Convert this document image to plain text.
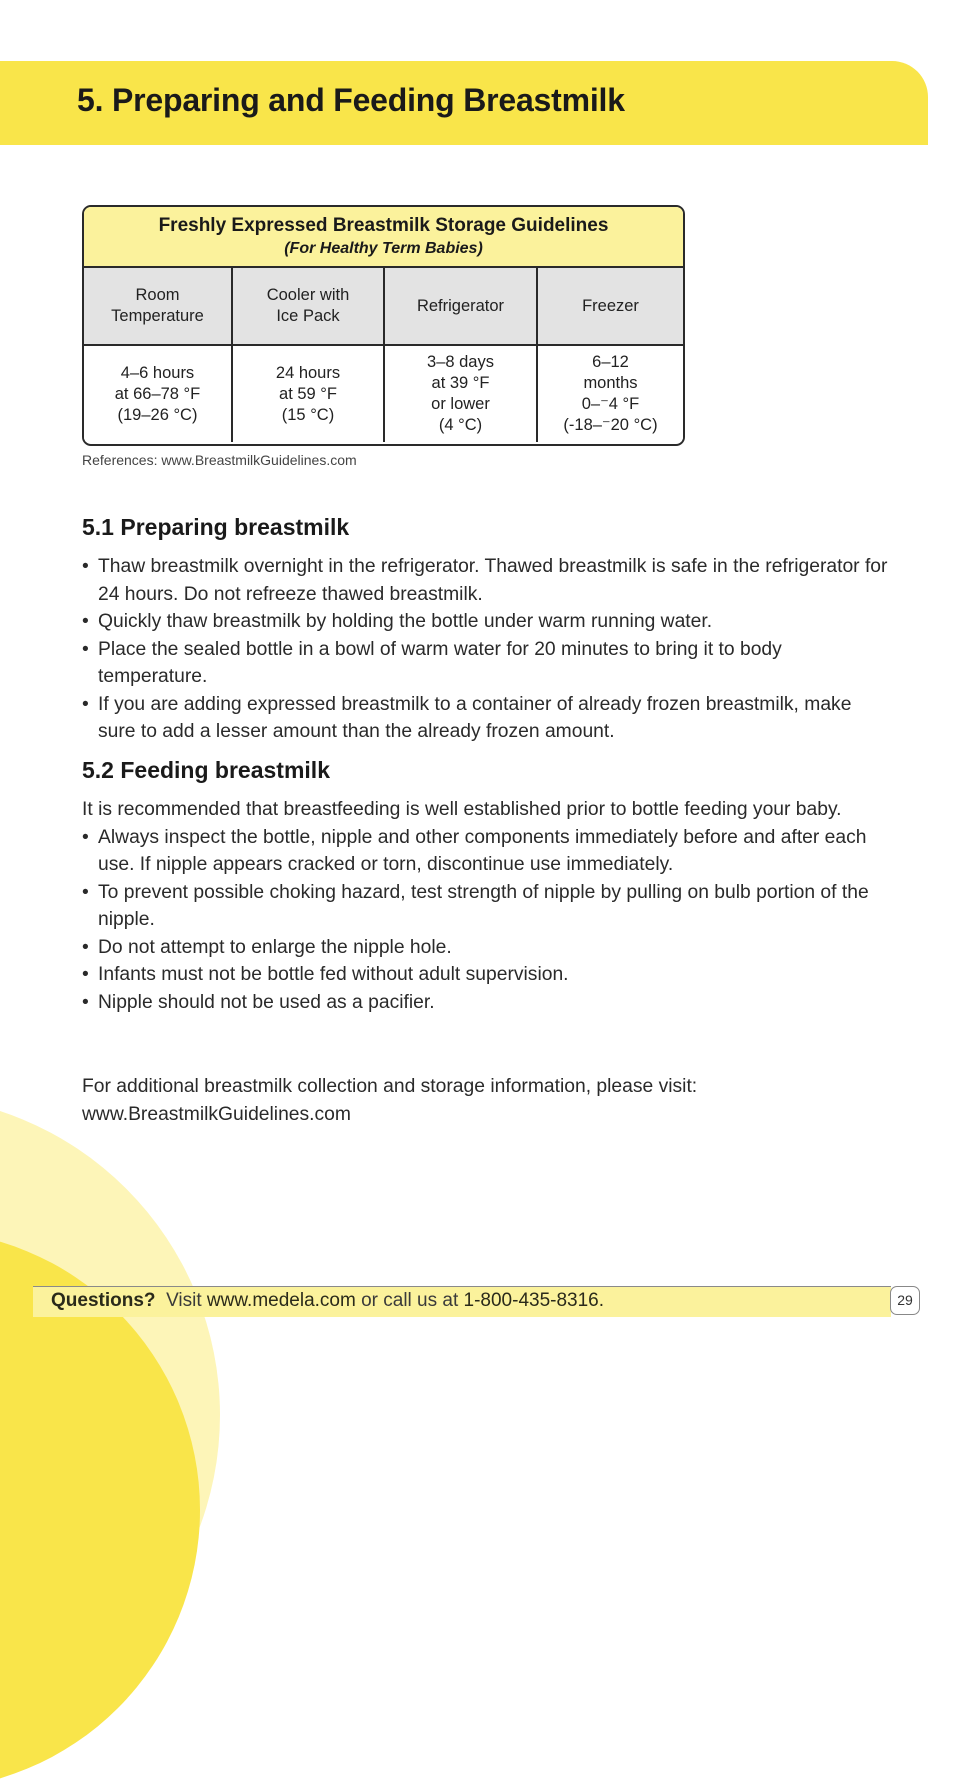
5. Preparing and Feeding Breastmilk
Freshly Expressed Breastmilk Storage Guidelines
(For Healthy Term Babies)
Room
Temperature
Cooler with
Ice Pack
Refrigerator	Freezer
4–6 hours
at 66–78 °F
(19–26 °C)
24 hours
at 59 °F
(15 °C)
3–8 days
at 39 °F
or lower
(4 °C)
6–12
months
0–⁻4 °F
(-18–⁻20 °C)
References: www.BreastmilkGuidelines.com
5.1 Preparing breastmilk
• Thaw breastmilk overnight in the refrigerator. Thawed breastmilk is safe in the refrigerator for 24 hours. Do not refreeze thawed breastmilk.
• Quickly thaw breastmilk by holding the bottle under warm running water.
• Place the sealed bottle in a bowl of warm water for 20 minutes to bring it to body temperature.
• If you are adding expressed breastmilk to a container of already frozen breastmilk, make sure to add a lesser amount than the already frozen amount.
5.2 Feeding breastmilk

It is recommended that breastfeeding is well established prior to bottle feeding your baby.

• Always inspect the bottle, nipple and other components immediately before and after each use. If nipple appears cracked or torn, discontinue use immediately.
• To prevent possible choking hazard, test strength of nipple by pulling on bulb portion of the nipple.
• Do not attempt to enlarge the nipple hole.
• Infants must not be bottle fed without adult supervision.
• Nipple should not be used as a pacifier.

For additional breastmilk collection and storage information, please visit:

www.BreastmilkGuidelines.com

Questions? Visit www.medela.com or call us at 1-800-435-8316.	29
